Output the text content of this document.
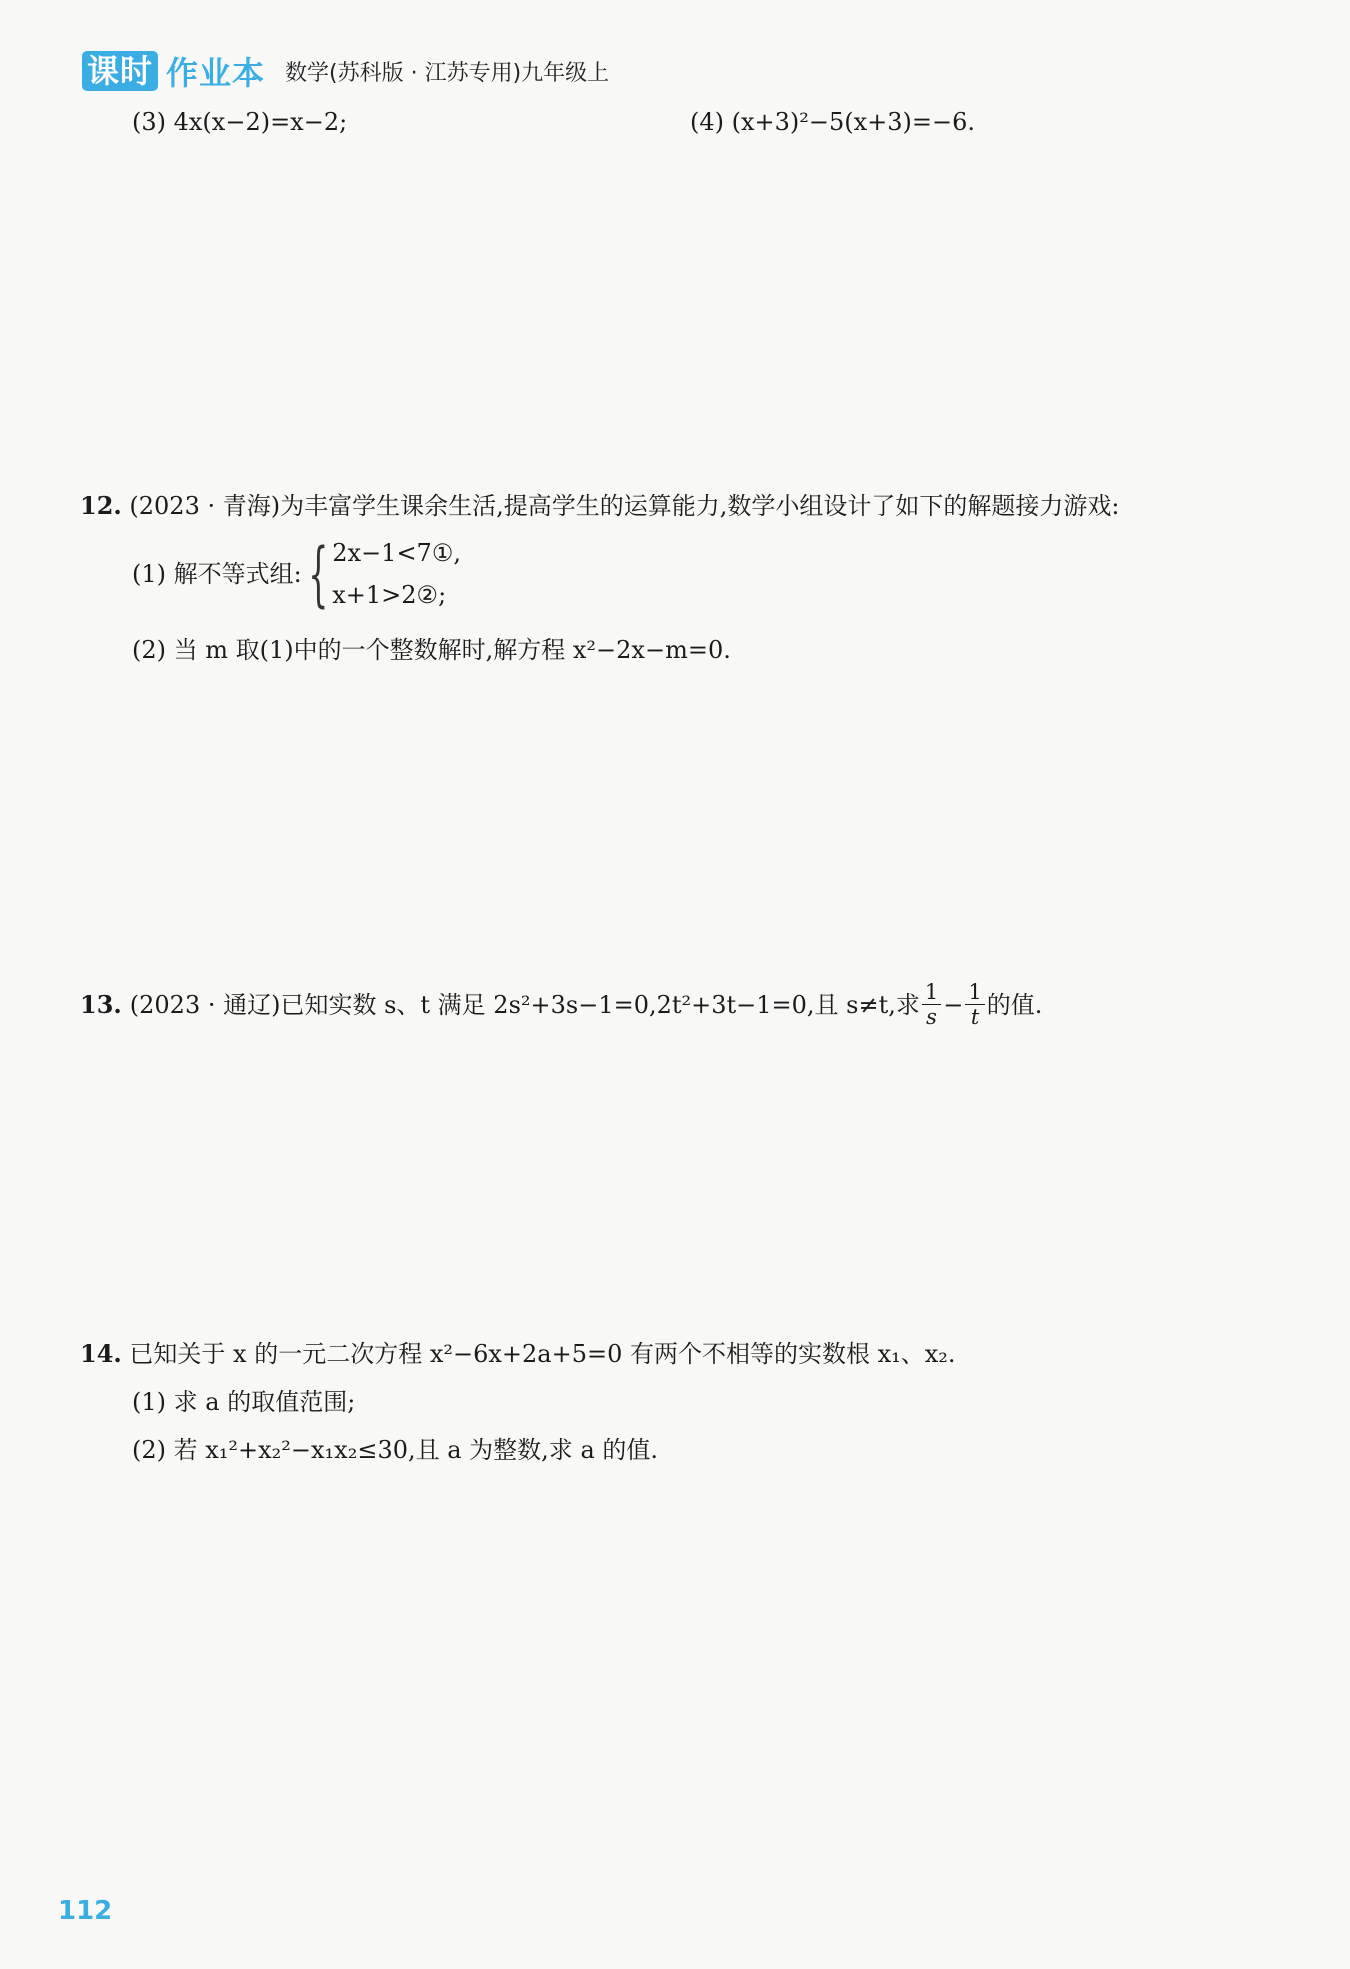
课时 作业本 数学(苏科版 · 江苏专用)九年级上
(3) 4x(x−2)=x−2;	(4) (x+3)²−5(x+3)=−6.
12. (2023 · 青海)为丰富学生课余生活,提高学生的运算能力,数学小组设计了如下的解题接力游戏:
(1) 解不等式组: { 2x−1<7①,
x+1>2②;
(2) 当 m 取(1)中的一个整数解时,解方程 x²−2x−m=0.
13. (2023 · 通辽)已知实数 s、t 满足 2s²+3s−1=0,2t²+3t−1=0,且 s≠t,求 $\frac{1}{s} - \frac{1}{t}$ 的值.
14. 已知关于 x 的一元二次方程 x²−6x+2a+5=0 有两个不相等的实数根 x₁、x₂.
(1) 求 a 的取值范围;
(2) 若 x₁²+x₂²−x₁x₂≤30,且 a 为整数,求 a 的值.
112
